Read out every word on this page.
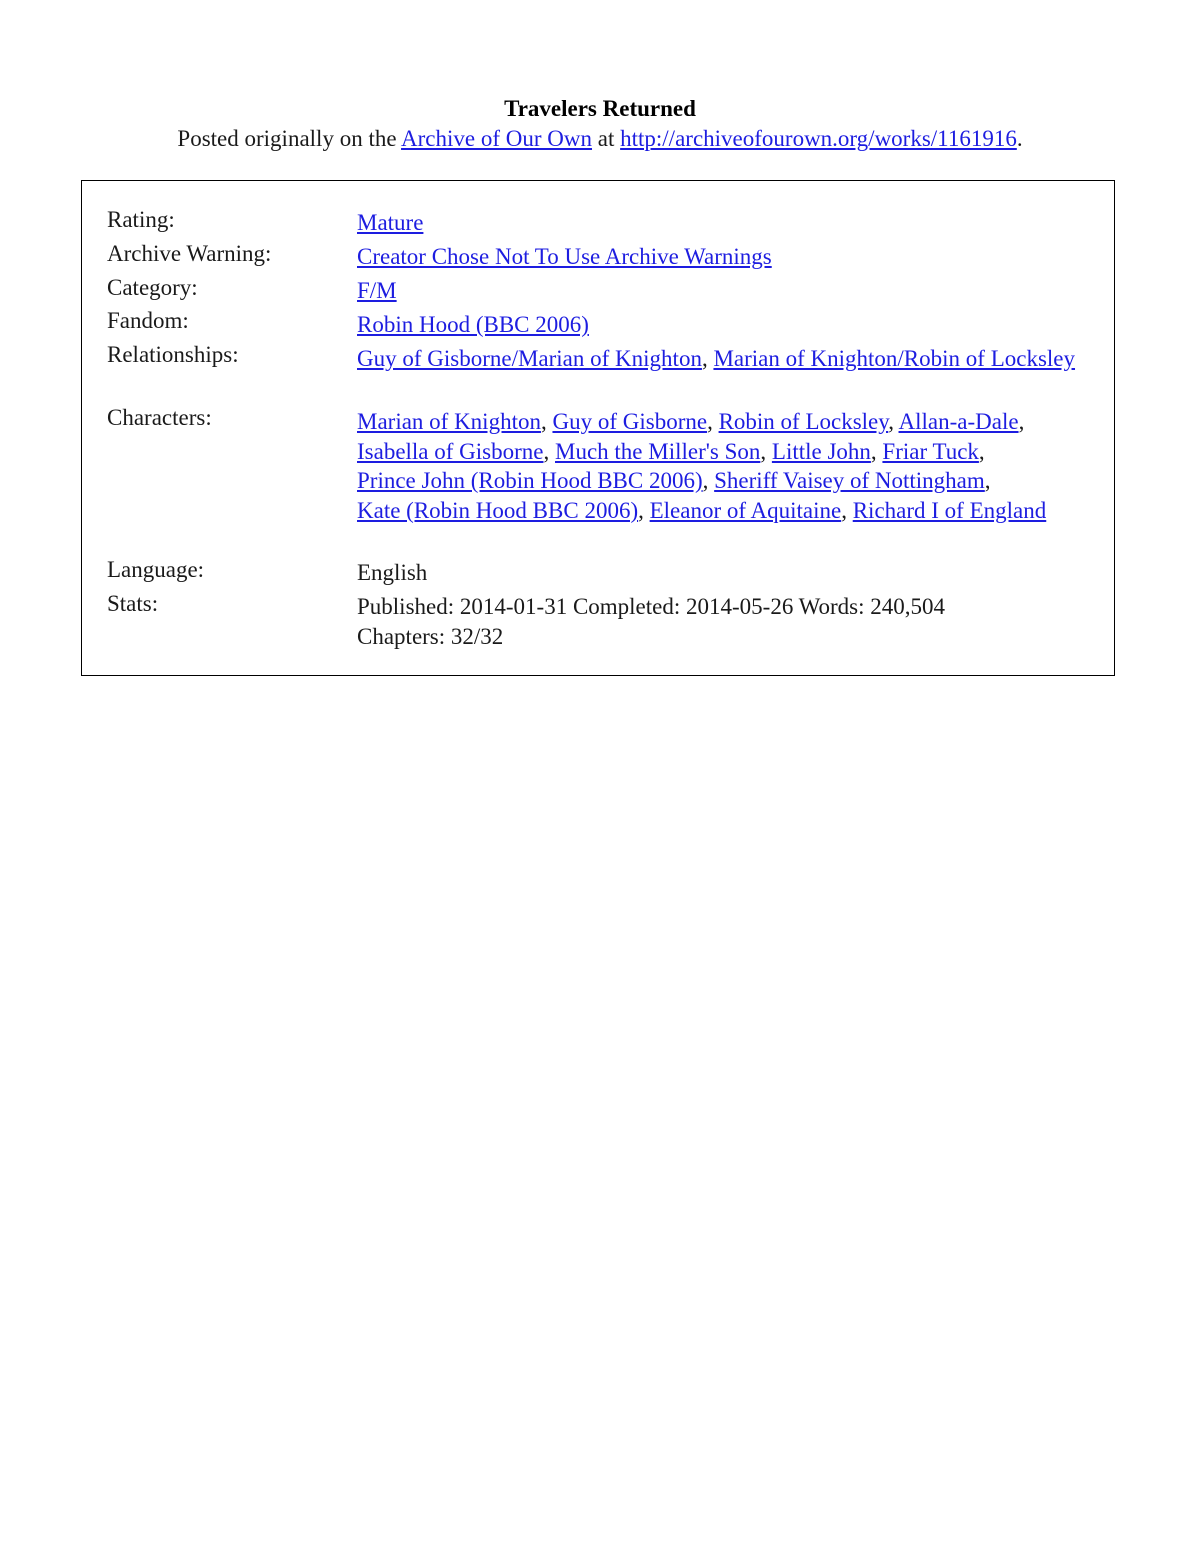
Travelers Returned
Posted originally on the Archive of Our Own at http://archiveofourown.org/works/1161916.
Rating:	Mature
Archive Warning:	Creator Chose Not To Use Archive Warnings
Category:	F/M
Fandom:	Robin Hood (BBC 2006)
Relationships:	Guy of Gisborne/Marian of Knighton, Marian of Knighton/Robin of Locksley
Characters:	Marian of Knighton, Guy of Gisborne, Robin of Locksley, Allan-a-Dale,
Isabella of Gisborne, Much the Miller's Son, Little John, Friar Tuck,
Prince John (Robin Hood BBC 2006), Sheriff Vaisey of Nottingham,
Kate (Robin Hood BBC 2006), Eleanor of Aquitaine, Richard I of England
Language:	English
Stats:	Published: 2014-01-31 Completed: 2014-05-26 Words: 240,504
Chapters: 32/32
